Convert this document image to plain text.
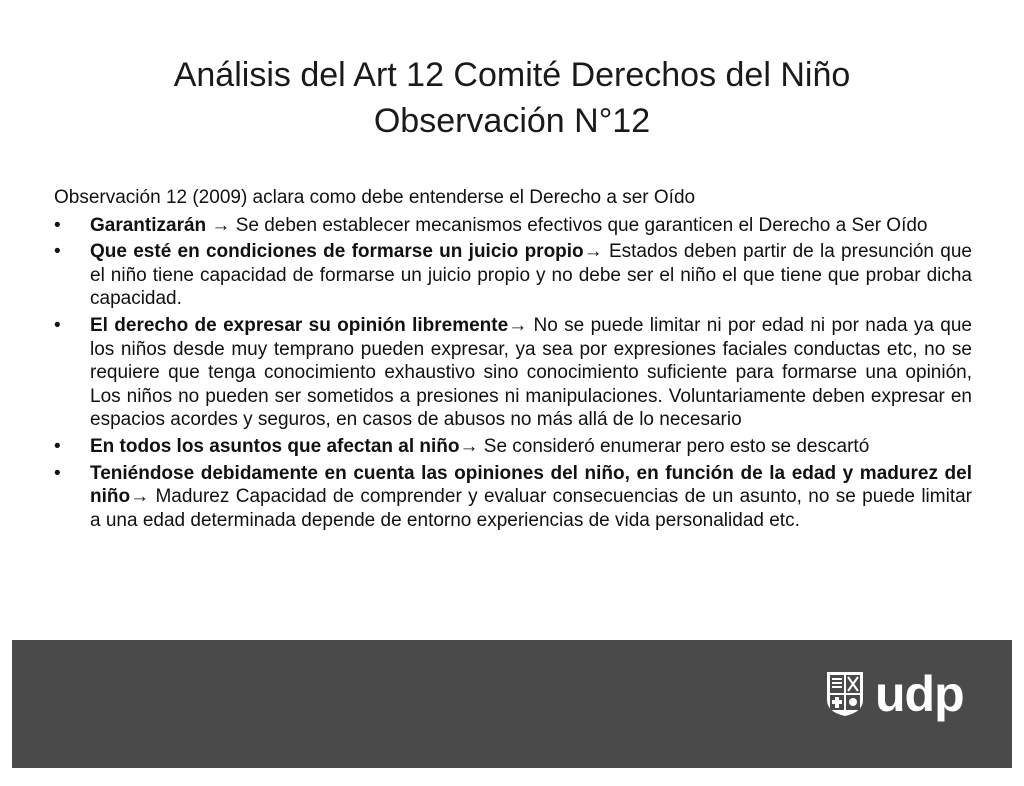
Análisis del Art 12 Comité Derechos del Niño
Observación N°12

Observación 12 (2009) aclara como debe entenderse el Derecho a ser Oído

•	Garantizarán → Se deben establecer mecanismos efectivos que garanticen el Derecho a Ser Oído
•	Que esté en condiciones de formarse un juicio propio→ Estados deben partir de la presunción que el niño tiene capacidad de formarse un juicio propio y no debe ser el niño el que tiene que probar dicha capacidad.
•	El derecho de expresar su opinión libremente→ No se puede limitar ni por edad ni por nada ya que los niños desde muy temprano pueden expresar, ya sea por expresiones faciales conductas etc, no se requiere que tenga conocimiento exhaustivo sino conocimiento suficiente para formarse una opinión, Los niños no pueden ser sometidos a presiones ni manipulaciones. Voluntariamente deben expresar en espacios acordes y seguros, en casos de abusos no más allá de lo necesario
•	En todos los asuntos que afectan al niño→ Se consideró enumerar pero esto se descartó
•	Teniéndose debidamente en cuenta las opiniones del niño, en función de la edad y madurez del niño→ Madurez Capacidad de comprender y evaluar consecuencias de un asunto, no se puede limitar a una edad determinada depende de entorno experiencias de vida personalidad etc.
udp
